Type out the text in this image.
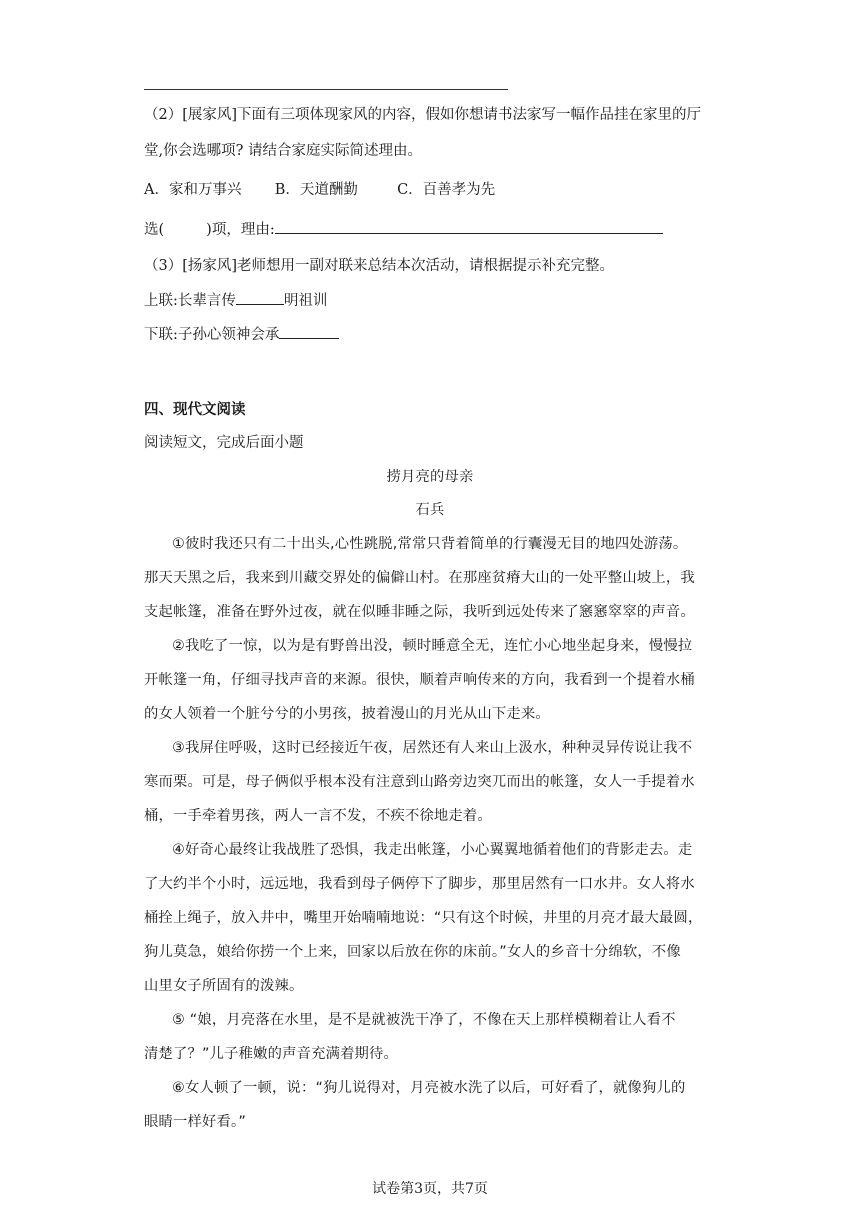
（2）[展家风]下面有三项体现家风的内容，假如你想请书法家写一幅作品挂在家里的厅
堂,你会选哪项? 请结合家庭实际简述理由。
A．家和万事兴 B．天道酬勤	C．百善孝为先
选(	)项，理由:
（3）[扬家风]老师想用一副对联来总结本次活动，请根据提示补充完整。
上联:长辈言传	明祖训
下联:子孙心领神会承
四、现代文阅读
阅读短文，完成后面小题
捞月亮的母亲
石兵
①彼时我还只有二十出头,心性跳脱,常常只背着简单的行囊漫无目的地四处游荡。
那天天黑之后，我来到川藏交界处的偏僻山村。在那座贫瘠大山的一处平整山坡上，我
支起帐篷，准备在野外过夜，就在似睡非睡之际，我听到远处传来了窸窸窣窣的声音。
②我吃了一惊，以为是有野兽出没，顿时睡意全无，连忙小心地坐起身来，慢慢拉
开帐篷一角，仔细寻找声音的来源。很快，顺着声响传来的方向，我看到一个提着水桶
的女人领着一个脏兮兮的小男孩，披着漫山的月光从山下走来。
③我屏住呼吸，这时已经接近午夜，居然还有人来山上汲水，种种灵异传说让我不
寒而栗。可是，母子俩似乎根本没有注意到山路旁边突兀而出的帐篷，女人一手提着水
桶，一手牵着男孩，两人一言不发，不疾不徐地走着。
④好奇心最终让我战胜了恐惧，我走出帐篷，小心翼翼地循着他们的背影走去。走
了大约半个小时，远远地，我看到母子俩停下了脚步，那里居然有一口水井。女人将水
桶拴上绳子，放入井中，嘴里开始喃喃地说：“只有这个时候，井里的月亮才最大最圆，
狗儿莫急，娘给你捞一个上来，回家以后放在你的床前。”女人的乡音十分绵软，不像
山里女子所固有的泼辣。
⑤ “娘，月亮落在水里，是不是就被洗干净了，不像在天上那样模糊着让人看不
清楚了？”儿子稚嫩的声音充满着期待。
⑥女人顿了一顿，说：“狗儿说得对，月亮被水洗了以后，可好看了，就像狗儿的
眼睛一样好看。”
试卷第3页，共7页
